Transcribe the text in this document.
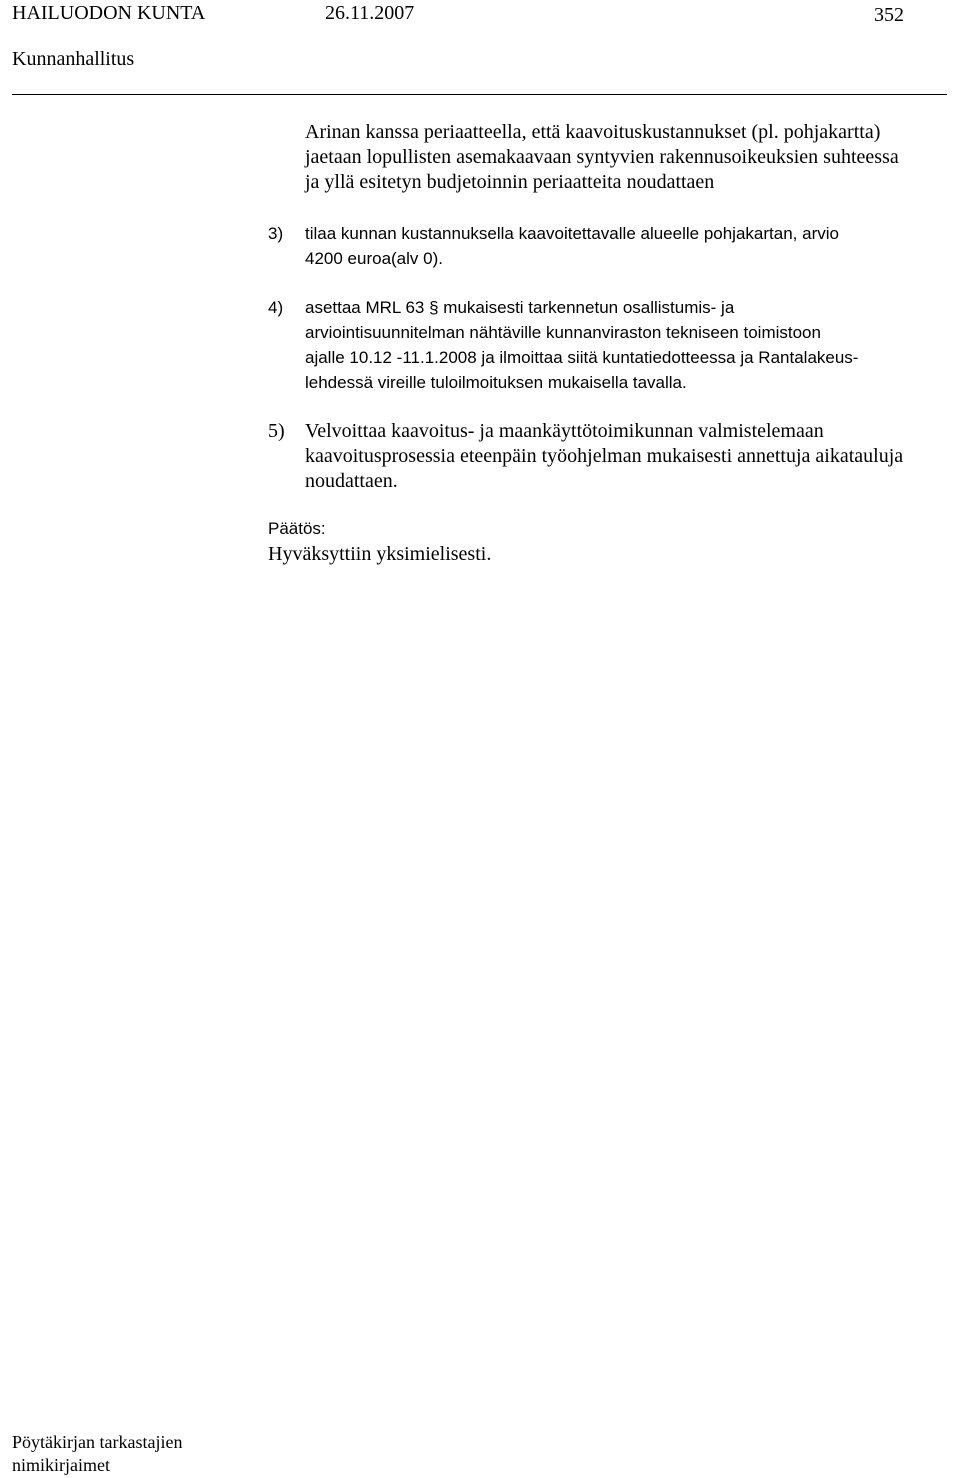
HAILUODON KUNTA	26.11.2007	352
Kunnanhallitus
Arinan kanssa periaatteella, että kaavoituskustannukset (pl. pohjakartta)
jaetaan lopullisten asemakaavaan syntyvien rakennusoikeuksien suhteessa
ja yllä esitetyn budjetoinnin periaatteita noudattaen
3) tilaa kunnan kustannuksella kaavoitettavalle alueelle pohjakartan, arvio
4200 euroa(alv 0).
4) asettaa MRL 63 § mukaisesti tarkennetun osallistumis- ja
arviointisuunnitelman nähtäville kunnanviraston tekniseen toimistoon
ajalle 10.12 -11.1.2008 ja ilmoittaa siitä kuntatiedotteessa ja Rantalakeus-
lehdessä vireille tuloilmoituksen mukaisella tavalla.
5) Velvoittaa kaavoitus- ja maankäyttötoimikunnan valmistelemaan
kaavoitusprosessia eteenpäin työohjelman mukaisesti annettuja aikatauluja
noudattaen.
Päätös:
Hyväksyttiin yksimielisesti.
Pöytäkirjan tarkastajien
nimikirjaimet
